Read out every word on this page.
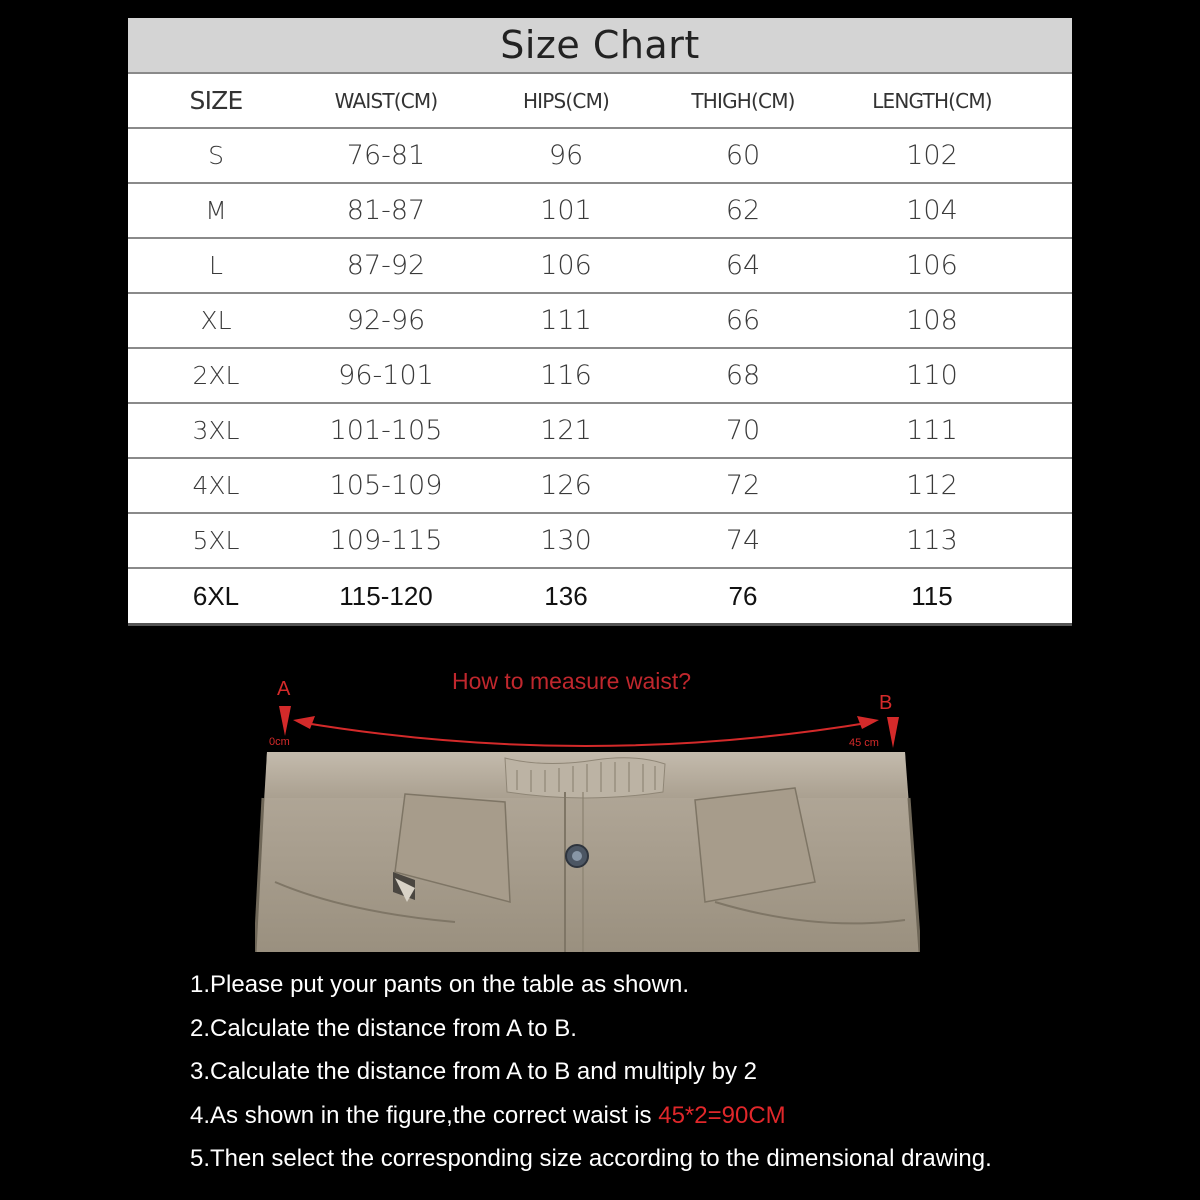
Size Chart
SIZE	WAIST(CM)	HIPS(CM)	THIGH(CM)	LENGTH(CM)
S	76-81	96	60	102
M	81-87	101	62	104
L	87-92	106	64	106
XL	92-96	111	66	108
2XL	96-101	116	68	110
3XL	101-105	121	70	111
4XL	105-109	126	72	112
5XL	109-115	130	74	113
6XL	115-120	136	76	115
How to measure waist?
A
B
0cm	45 cm
1.Please put your pants on the table as shown.
2.Calculate the distance from A to B.
3.Calculate the distance from A to B and multiply by 2
4.As shown in the figure,the correct waist is 45*2=90CM
5.Then select the corresponding size according to the dimensional drawing.
